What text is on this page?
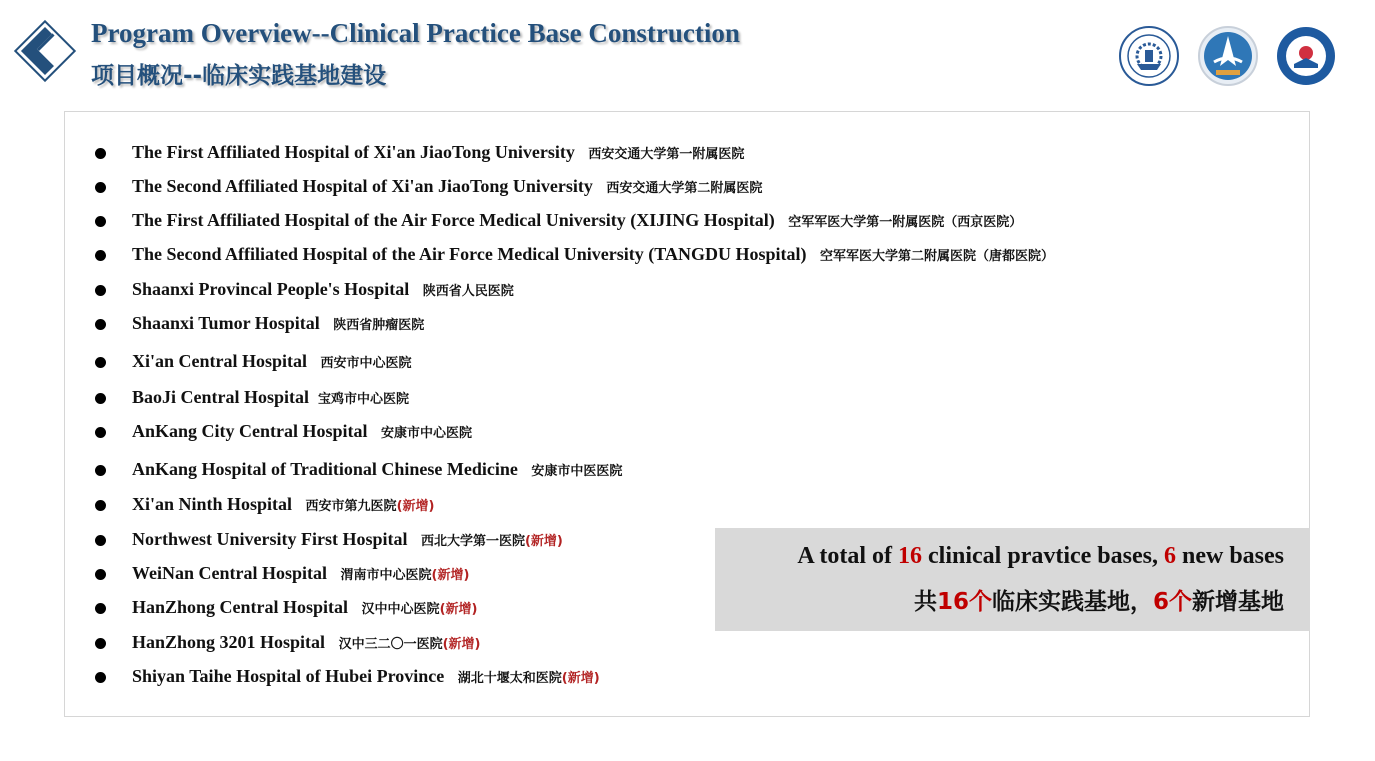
Program Overview--Clinical Practice Base Construction
项目概况--临床实践基地建设
The First Affiliated Hospital of Xi'an JiaoTong University 西安交通大学第一附属医院
The Second Affiliated Hospital of Xi'an JiaoTong University 西安交通大学第二附属医院
The First Affiliated Hospital of the Air Force Medical University (XIJING Hospital) 空军军医大学第一附属医院（西京医院）
The Second Affiliated Hospital of the Air Force Medical University (TANGDU Hospital) 空军军医大学第二附属医院（唐都医院）
Shaanxi Provincal People's Hospital 陕西省人民医院
Shaanxi Tumor Hospital 陕西省肿瘤医院
Xi'an Central Hospital 西安市中心医院
BaoJi Central Hospital 宝鸡市中心医院
AnKang City Central Hospital 安康市中心医院
AnKang Hospital of Traditional Chinese Medicine 安康市中医医院
Xi'an Ninth Hospital 西安市第九医院(新增)
Northwest University First Hospital 西北大学第一医院(新增)
WeiNan Central Hospital 渭南市中心医院(新增)
HanZhong Central Hospital 汉中中心医院(新增)
HanZhong 3201 Hospital 汉中三二〇一医院(新增)
Shiyan Taihe Hospital of Hubei Province 湖北十堰太和医院(新增)

A total of 16 clinical pravtice bases, 6 new bases

共16个临床实践基地，6个新增基地
